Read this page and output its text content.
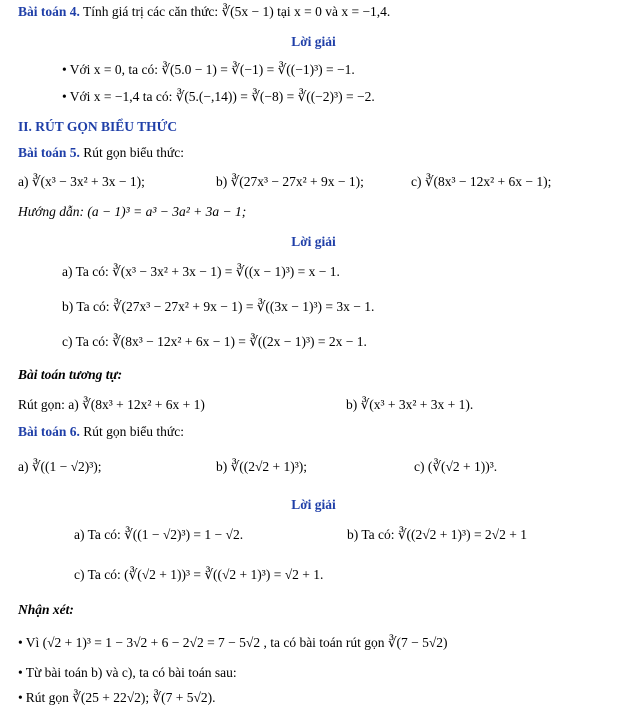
Bài toán 4. Tính giá trị các căn thức: ∛(5x − 1) tại x = 0 và x = −1,4.
Lời giải
• Với x = 0, ta có: ∛(5.0 − 1) = ∛(−1) = ∛((−1)³) = −1.
• Với x = −1,4 ta có: ∛(5.(−,14)) = ∛(−8) = ∛((−2)³) = −2.
II. RÚT GỌN BIỂU THỨC
Bài toán 5. Rút gọn biểu thức:
a) ∛(x³ − 3x² + 3x − 1);	b) ∛(27x³ − 27x² + 9x − 1);	c) ∛(8x³ − 12x² + 6x − 1);
Hướng dẫn: (a − 1)³ = a³ − 3a² + 3a − 1;
Lời giải
a) Ta có: ∛(x³ − 3x² + 3x − 1) = ∛((x − 1)³) = x − 1.
b) Ta có: ∛(27x³ − 27x² + 9x − 1) = ∛((3x − 1)³) = 3x − 1.
c) Ta có: ∛(8x³ − 12x² + 6x − 1) = ∛((2x − 1)³) = 2x − 1.
Bài toán tương tự:
Rút gọn: a) ∛(8x³ + 12x² + 6x + 1)	b) ∛(x³ + 3x² + 3x + 1).
Bài toán 6. Rút gọn biểu thức:
a) ∛((1 − √2)³);	b) ∛((2√2 + 1)³);	c) (∛(√2 + 1))³.
Lời giải
a) Ta có: ∛((1 − √2)³) = 1 − √2.	b) Ta có: ∛((2√2 + 1)³) = 2√2 + 1
c) Ta có: (∛(√2 + 1))³ = ∛((√2 + 1)³) = √2 + 1.
Nhận xét:
• Vì (√2 + 1)³ = 1 − 3√2 + 6 − 2√2 = 7 − 5√2 , ta có bài toán rút gọn ∛(7 − 5√2)
• Từ bài toán b) và c), ta có bài toán sau:
• Rút gọn ∛(25 + 22√2); ∛(7 + 5√2).
